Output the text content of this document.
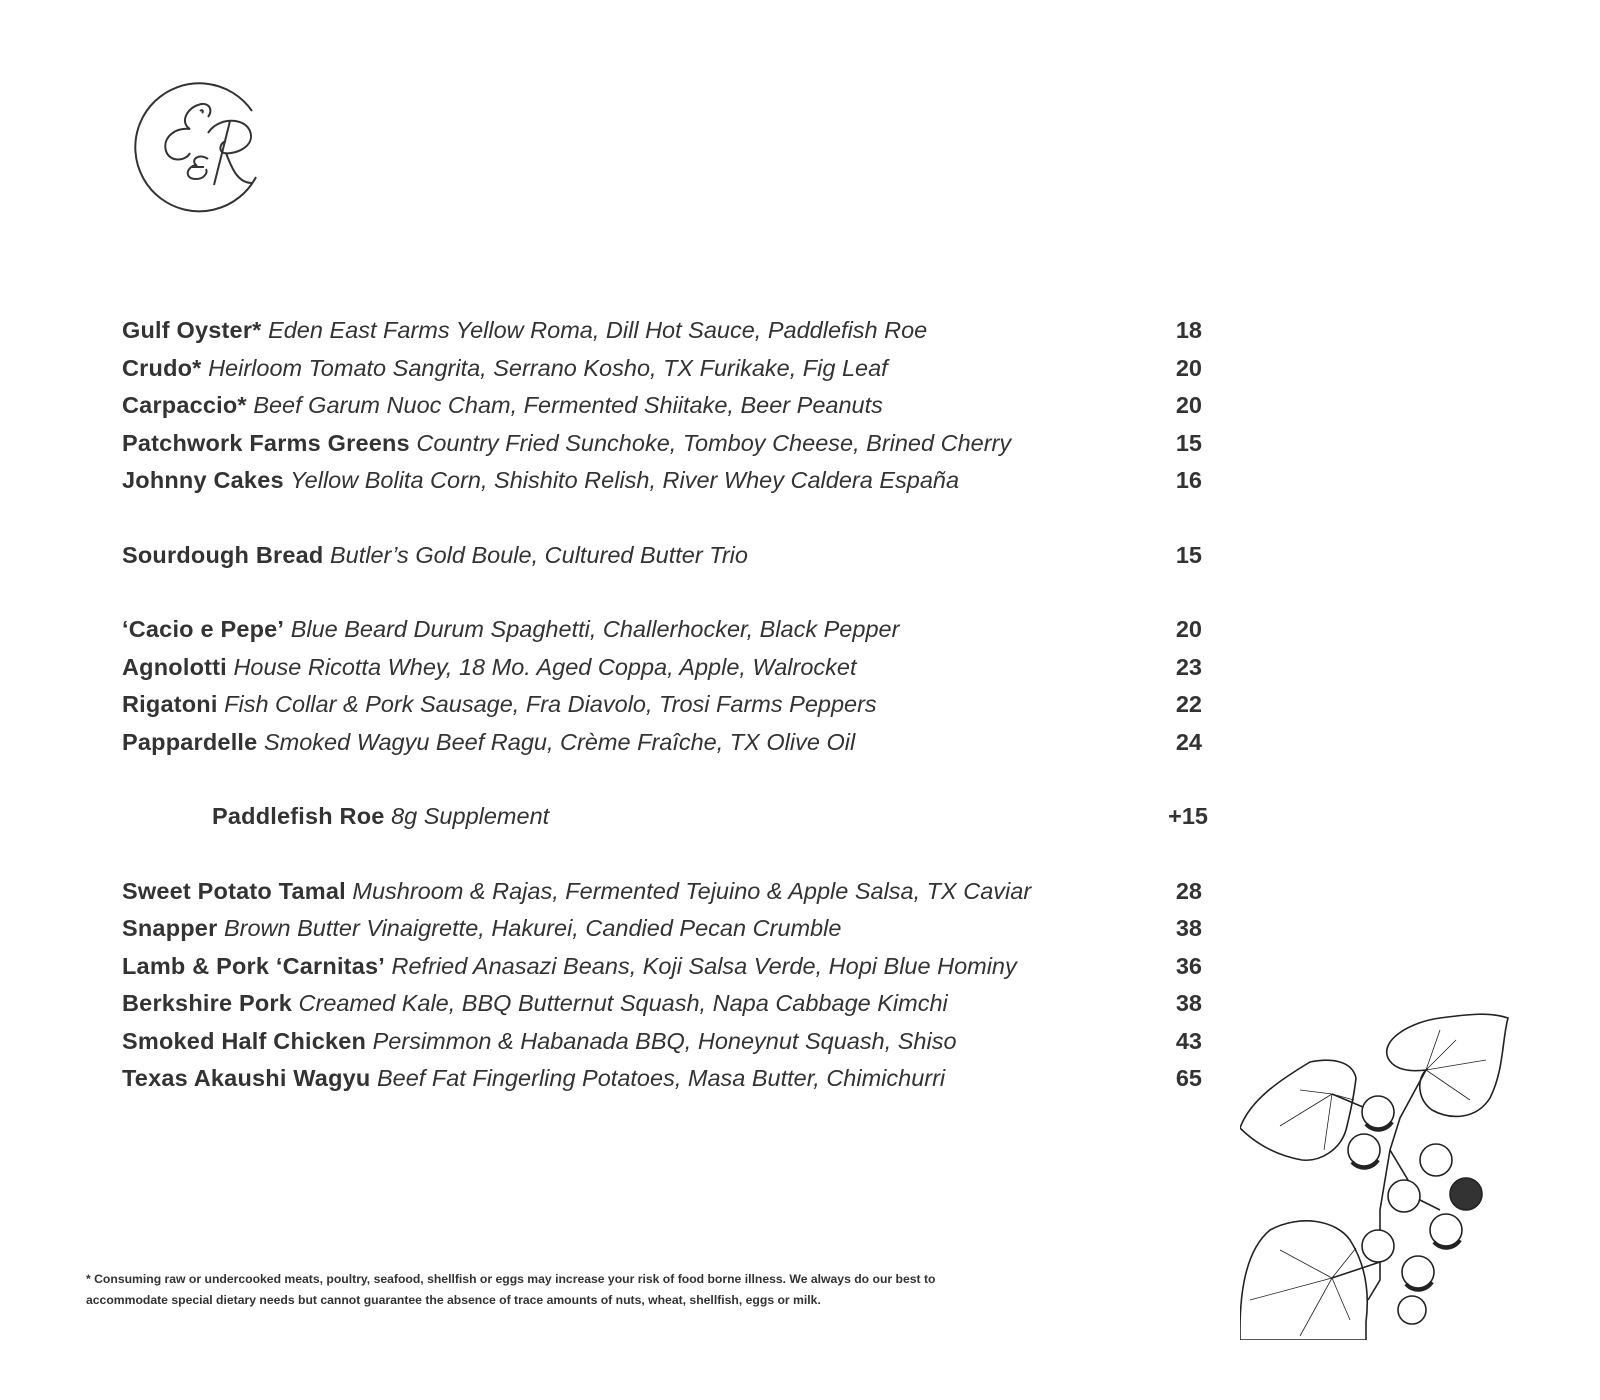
Gulf Oyster* Eden East Farms Yellow Roma, Dill Hot Sauce, Paddlefish Roe	18
Crudo* Heirloom Tomato Sangrita, Serrano Kosho, TX Furikake, Fig Leaf	20
Carpaccio* Beef Garum Nuoc Cham, Fermented Shiitake, Beer Peanuts	20
Patchwork Farms Greens Country Fried Sunchoke, Tomboy Cheese, Brined Cherry	15
Johnny Cakes Yellow Bolita Corn, Shishito Relish, River Whey Caldera España	16
Sourdough Bread Butler’s Gold Boule, Cultured Butter Trio	15
‘Cacio e Pepe’ Blue Beard Durum Spaghetti, Challerhocker, Black Pepper	20
Agnolotti House Ricotta Whey, 18 Mo. Aged Coppa, Apple, Walrocket	23
Rigatoni Fish Collar & Pork Sausage, Fra Diavolo, Trosi Farms Peppers	22
Pappardelle Smoked Wagyu Beef Ragu, Crème Fraîche, TX Olive Oil	24
Paddlefish Roe 8g Supplement	+15
Sweet Potato Tamal Mushroom & Rajas, Fermented Tejuino & Apple Salsa, TX Caviar	28
Snapper Brown Butter Vinaigrette, Hakurei, Candied Pecan Crumble	38
Lamb & Pork ‘Carnitas’ Refried Anasazi Beans, Koji Salsa Verde, Hopi Blue Hominy	36
Berkshire Pork Creamed Kale, BBQ Butternut Squash, Napa Cabbage Kimchi	38
Smoked Half Chicken Persimmon & Habanada BBQ, Honeynut Squash, Shiso	43
Texas Akaushi Wagyu Beef Fat Fingerling Potatoes, Masa Butter, Chimichurri	65
* Consuming raw or undercooked meats, poultry, seafood, shellfish or eggs may increase your risk of food borne illness. We always do our best to
accommodate special dietary needs but cannot guarantee the absence of trace amounts of nuts, wheat, shellfish, eggs or milk.
